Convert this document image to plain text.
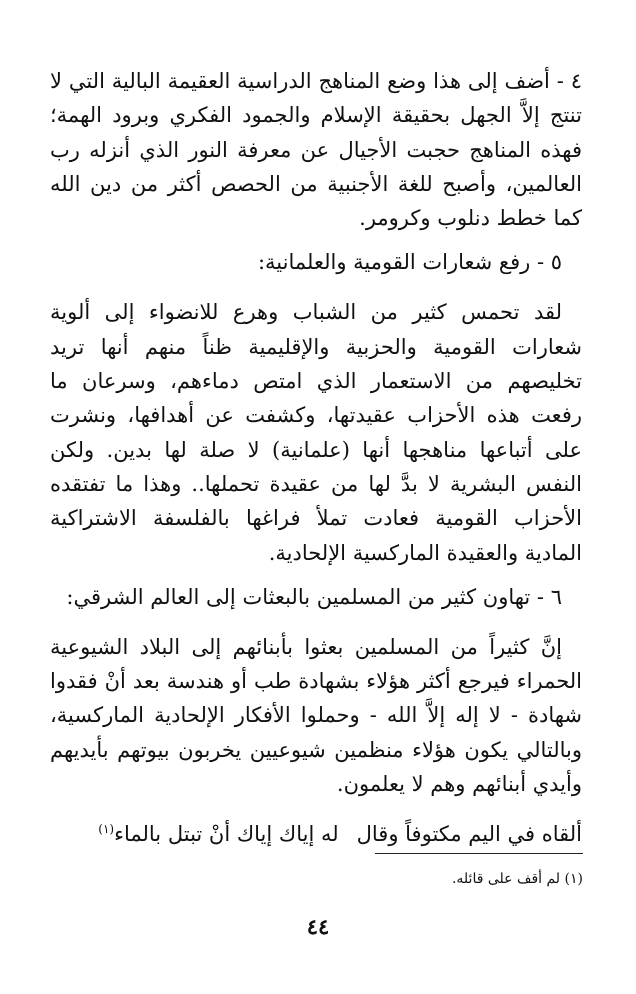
٤ - أضف إلى هذا وضع المناهج الدراسية العقيمة البالية التي لا تنتج إلاَّ الجهل بحقيقة الإسلام والجمود الفكري وبرود الهمة؛ فهذه المناهج حجبت الأجيال عن معرفة النور الذي أنزله رب العالمين، وأصبح للغة الأجنبية من الحصص أكثر من دين الله كما خطط دنلوب وكرومر.

٥ - رفع شعارات القومية والعلمانية:

لقد تحمس كثير من الشباب وهرع للانضواء إلى ألوية شعارات القومية والحزبية والإقليمية ظناً منهم أنها تريد تخليصهم من الاستعمار الذي امتص دماءهم، وسرعان ما رفعت هذه الأحزاب عقيدتها، وكشفت عن أهدافها، ونشرت على أتباعها مناهجها أنها (علمانية) لا صلة لها بدين. ولكن النفس البشرية لا بدَّ لها من عقيدة تحملها.. وهذا ما تفتقده الأحزاب القومية فعادت تملأ فراغها بالفلسفة الاشتراكية المادية والعقيدة الماركسية الإلحادية.

٦ - تهاون كثير من المسلمين بالبعثات إلى العالم الشرقي:

إنَّ كثيراً من المسلمين بعثوا بأبنائهم إلى البلاد الشيوعية الحمراء فيرجع أكثر هؤلاء بشهادة طب أو هندسة بعد أنْ فقدوا شهادة - لا إله إلاَّ الله - وحملوا الأفكار الإلحادية الماركسية، وبالتالي يكون هؤلاء منظمين شيوعيين يخربون بيوتهم بأيديهم وأيدي أبنائهم وهم لا يعلمون.

ألقاه في اليم مكتوفاً وقالله إياك إياك أنْ تبتل بالماء$^{(١)}$
(١) لم أقف على قائله.
٤٤
